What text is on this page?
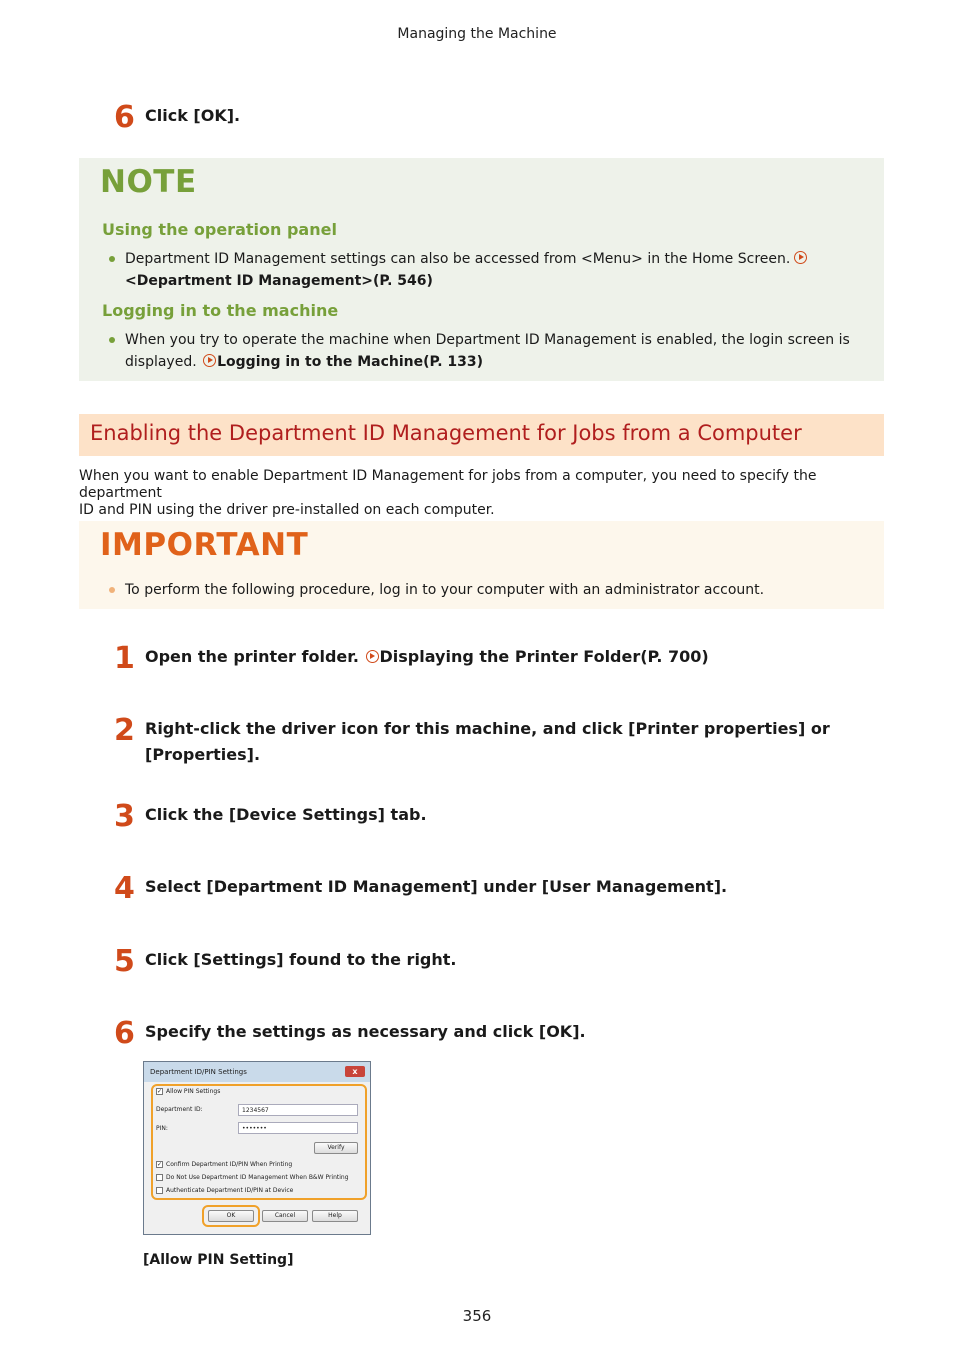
Managing the Machine
6 Click [OK].
NOTE
Using the operation panel
Department ID Management settings can also be accessed from <Menu> in the Home Screen.
<Department ID Management>(P. 546)
Logging in to the machine
When you try to operate the machine when Department ID Management is enabled, the login screen is
displayed. Logging in to the Machine(P. 133)
Enabling the Department ID Management for Jobs from a Computer
When you want to enable Department ID Management for jobs from a computer, you need to specify the department
ID and PIN using the driver pre-installed on each computer.
IMPORTANT
To perform the following procedure, log in to your computer with an administrator account.
1 Open the printer folder. Displaying the Printer Folder(P. 700)
2 Right-click the driver icon for this machine, and click [Printer properties] or
[Properties].
3 Click the [Device Settings] tab.
4 Select [Department ID Management] under [User Management].
5 Click [Settings] found to the right.
6 Specify the settings as necessary and click [OK].
Department ID/PIN Settings	x
✓ Allow PIN Settings
Department ID:	1234567
PIN:	•••••••
Verify
✓ Confirm Department ID/PIN When Printing
Do Not Use Department ID Management When B&W Printing
Authenticate Department ID/PIN at Device
OK	Cancel	Help
[Allow PIN Setting]
356
